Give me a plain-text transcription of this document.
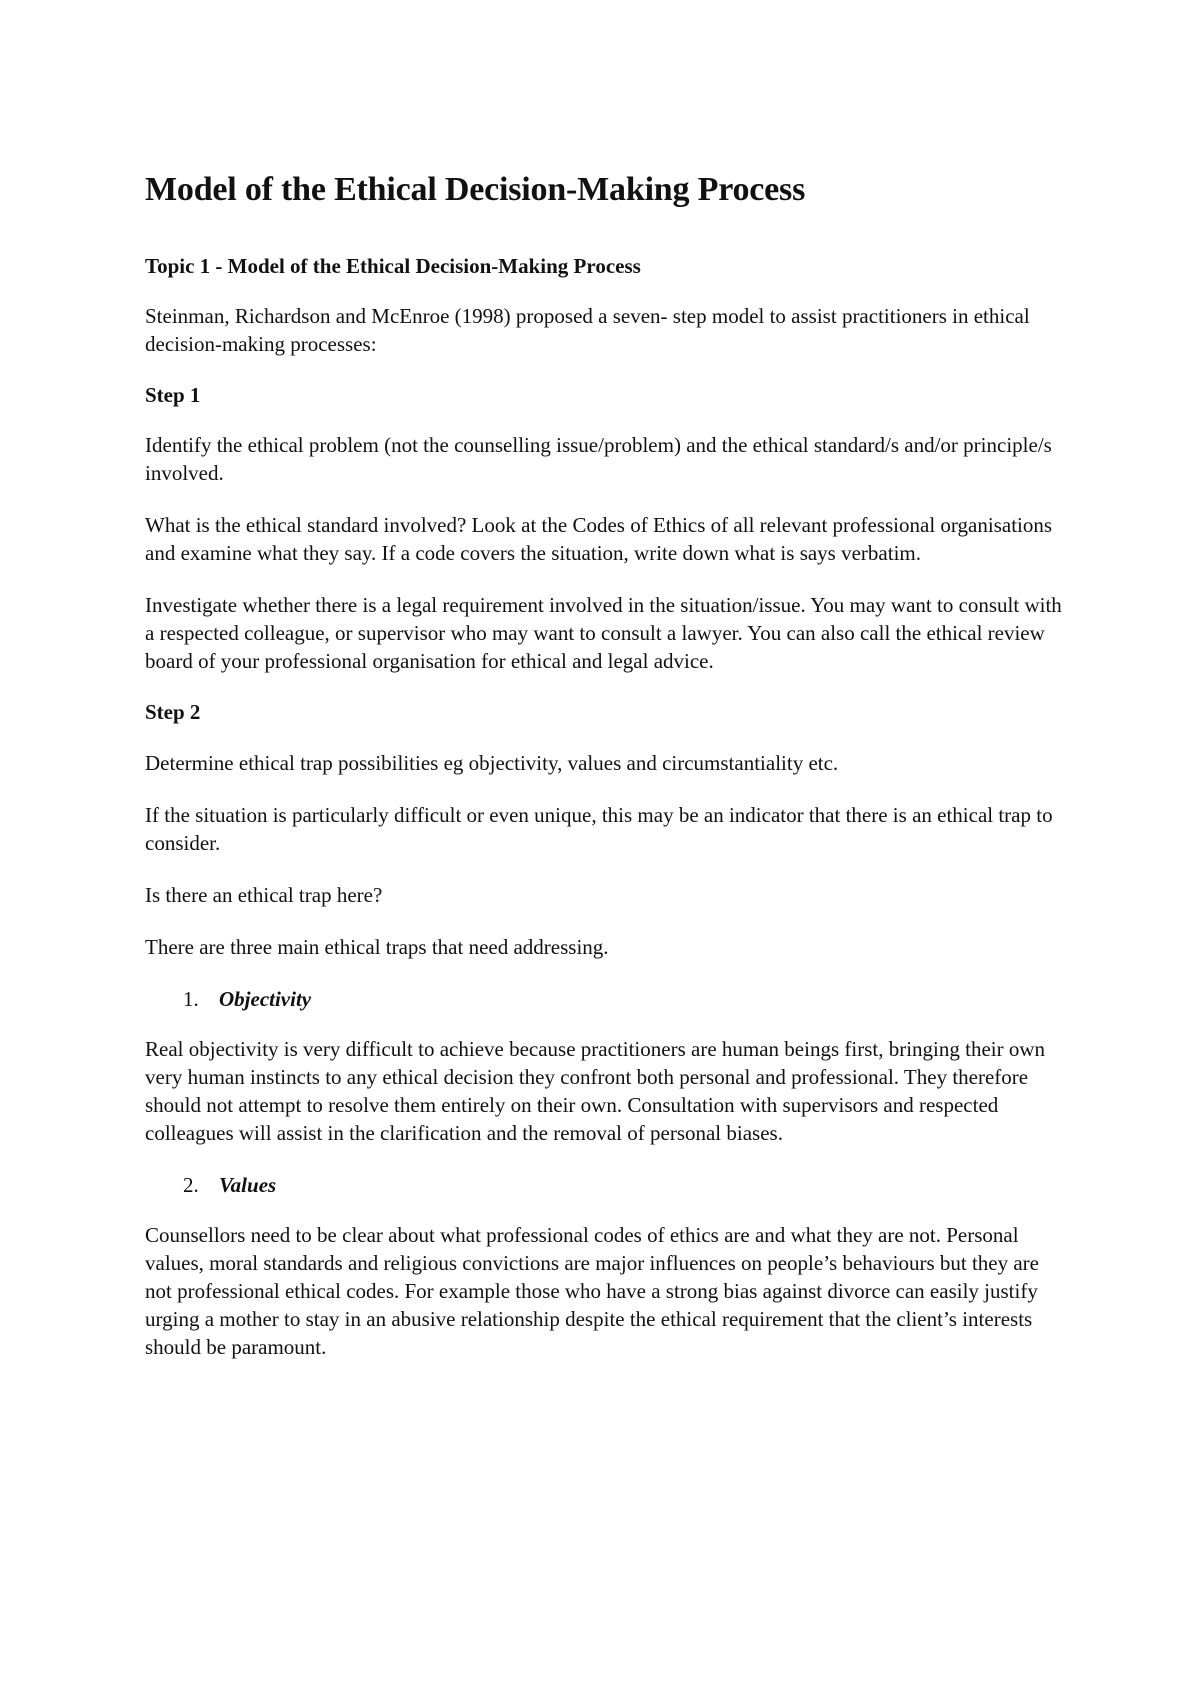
Model of the Ethical Decision-Making Process
Topic 1 - Model of the Ethical Decision-Making Process

Steinman, Richardson and McEnroe (1998) proposed a seven- step model to assist practitioners in ethical decision-making processes:

Step 1

Identify the ethical problem (not the counselling issue/problem) and the ethical standard/s and/or principle/s involved.

What is the ethical standard involved? Look at the Codes of Ethics of all relevant professional organisations and examine what they say. If a code covers the situation, write down what is says verbatim.

Investigate whether there is a legal requirement involved in the situation/issue. You may want to consult with a respected colleague, or supervisor who may want to consult a lawyer. You can also call the ethical review board of your professional organisation for ethical and legal advice.

Step 2

Determine ethical trap possibilities eg objectivity, values and circumstantiality etc.

If the situation is particularly difficult or even unique, this may be an indicator that there is an ethical trap to consider.

Is there an ethical trap here?

There are three main ethical traps that need addressing.

1. Objectivity

Real objectivity is very difficult to achieve because practitioners are human beings first, bringing their own very human instincts to any ethical decision they confront both personal and professional. They therefore should not attempt to resolve them entirely on their own. Consultation with supervisors and respected colleagues will assist in the clarification and the removal of personal biases.

2. Values

Counsellors need to be clear about what professional codes of ethics are and what they are not. Personal values, moral standards and religious convictions are major influences on people’s behaviours but they are not professional ethical codes. For example those who have a strong bias against divorce can easily justify urging a mother to stay in an abusive relationship despite the ethical requirement that the client’s interests should be paramount.
